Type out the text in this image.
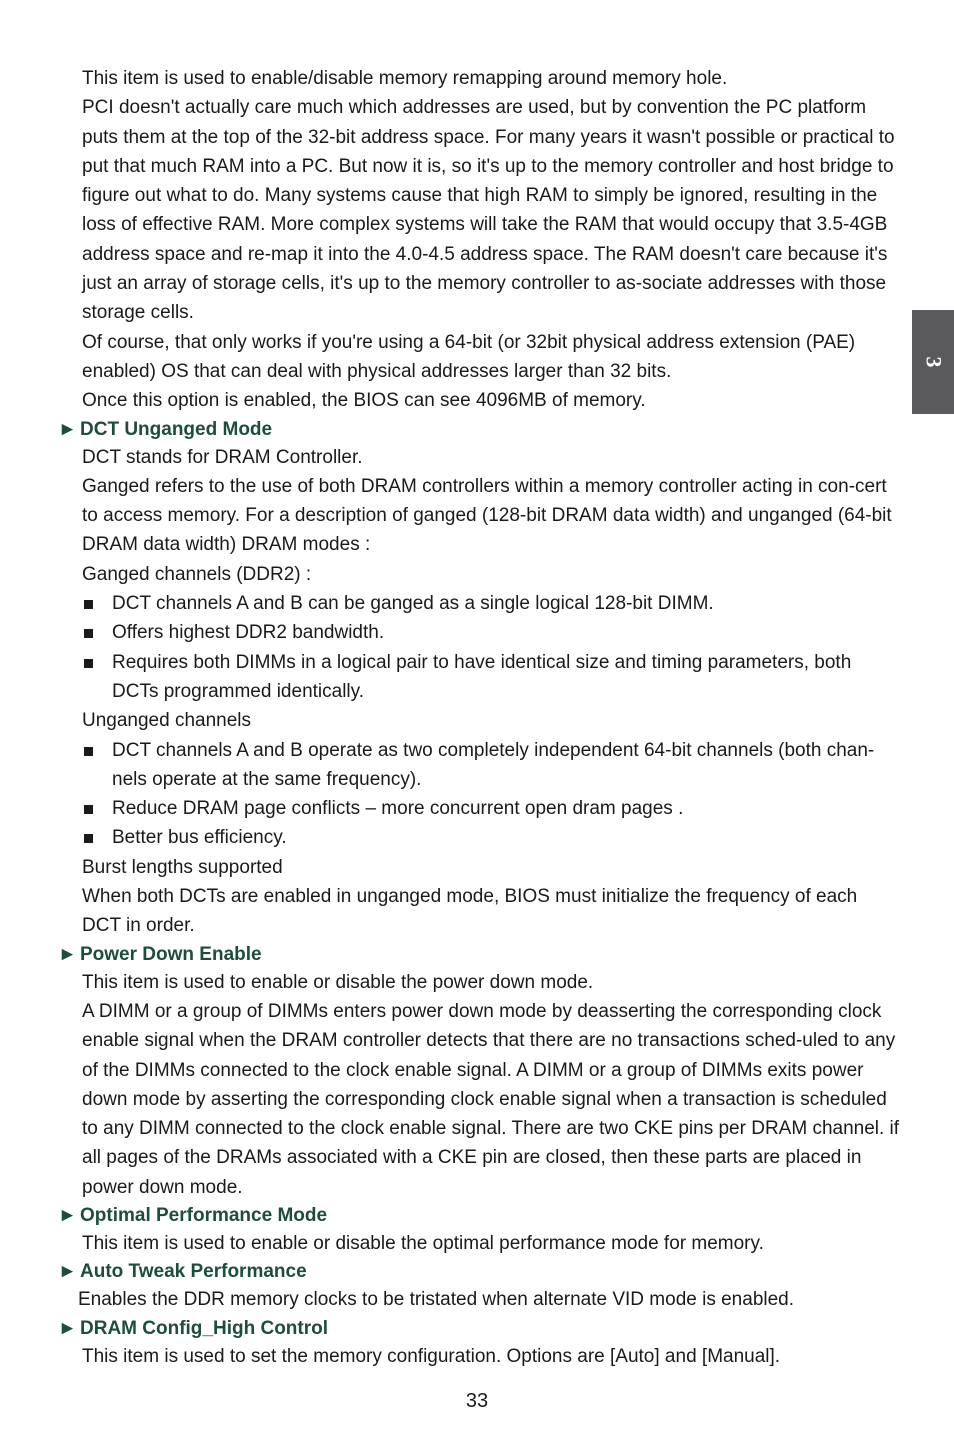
3

This item is used to enable/disable memory remapping around memory hole.

PCI doesn't actually care much which addresses are used, but by convention the PC platform puts them at the top of the 32-bit address space. For many years it wasn't possible or practical to put that much RAM into a PC. But now it is, so it's up to the memory controller and host bridge to figure out what to do. Many systems cause that high RAM to simply be ignored, resulting in the loss of effective RAM. More complex systems will take the RAM that would occupy that 3.5-4GB address space and re-map it into the 4.0-4.5 address space. The RAM doesn't care because it's just an array of storage cells, it's up to the memory controller to as-sociate addresses with those storage cells.

Of course, that only works if you're using a 64-bit (or 32bit physical address extension (PAE) enabled) OS that can deal with physical addresses larger than 32 bits.

Once this option is enabled, the BIOS can see 4096MB of memory.

► DCT Unganged Mode

DCT stands for DRAM Controller.

Ganged refers to the use of both DRAM controllers within a memory controller acting in con-cert to access memory. For a description of ganged (128-bit DRAM data width) and unganged (64-bit DRAM data width) DRAM modes :

Ganged channels (DDR2) :

DCT channels A and B can be ganged as a single logical 128-bit DIMM.
Offers highest DDR2 bandwidth.
Requires both DIMMs in a logical pair to have identical size and timing parameters, both DCTs programmed identically.

Unganged channels

DCT channels A and B operate as two completely independent 64-bit channels (both chan-nels operate at the same frequency).
Reduce DRAM page conflicts – more concurrent open dram pages .
Better bus efficiency.

Burst lengths supported

When both DCTs are enabled in unganged mode, BIOS must initialize the frequency of each DCT in order.

► Power Down Enable

This item is used to enable or disable the power down mode.

A DIMM or a group of DIMMs enters power down mode by deasserting the corresponding clock enable signal when the DRAM controller detects that there are no transactions sched-uled to any of the DIMMs connected to the clock enable signal. A DIMM or a group of DIMMs exits power down mode by asserting the corresponding clock enable signal when a transaction is scheduled to any DIMM connected to the clock enable signal. There are two CKE pins per DRAM channel. if all pages of the DRAMs associated with a CKE pin are closed, then these parts are placed in power down mode.

► Optimal Performance Mode

This item is used to enable or disable the optimal performance mode for memory.

► Auto Tweak Performance

Enables the DDR memory clocks to be tristated when alternate VID mode is enabled.

► DRAM Config_High Control

This item is used to set the memory configuration. Options are [Auto] and [Manual].

33
